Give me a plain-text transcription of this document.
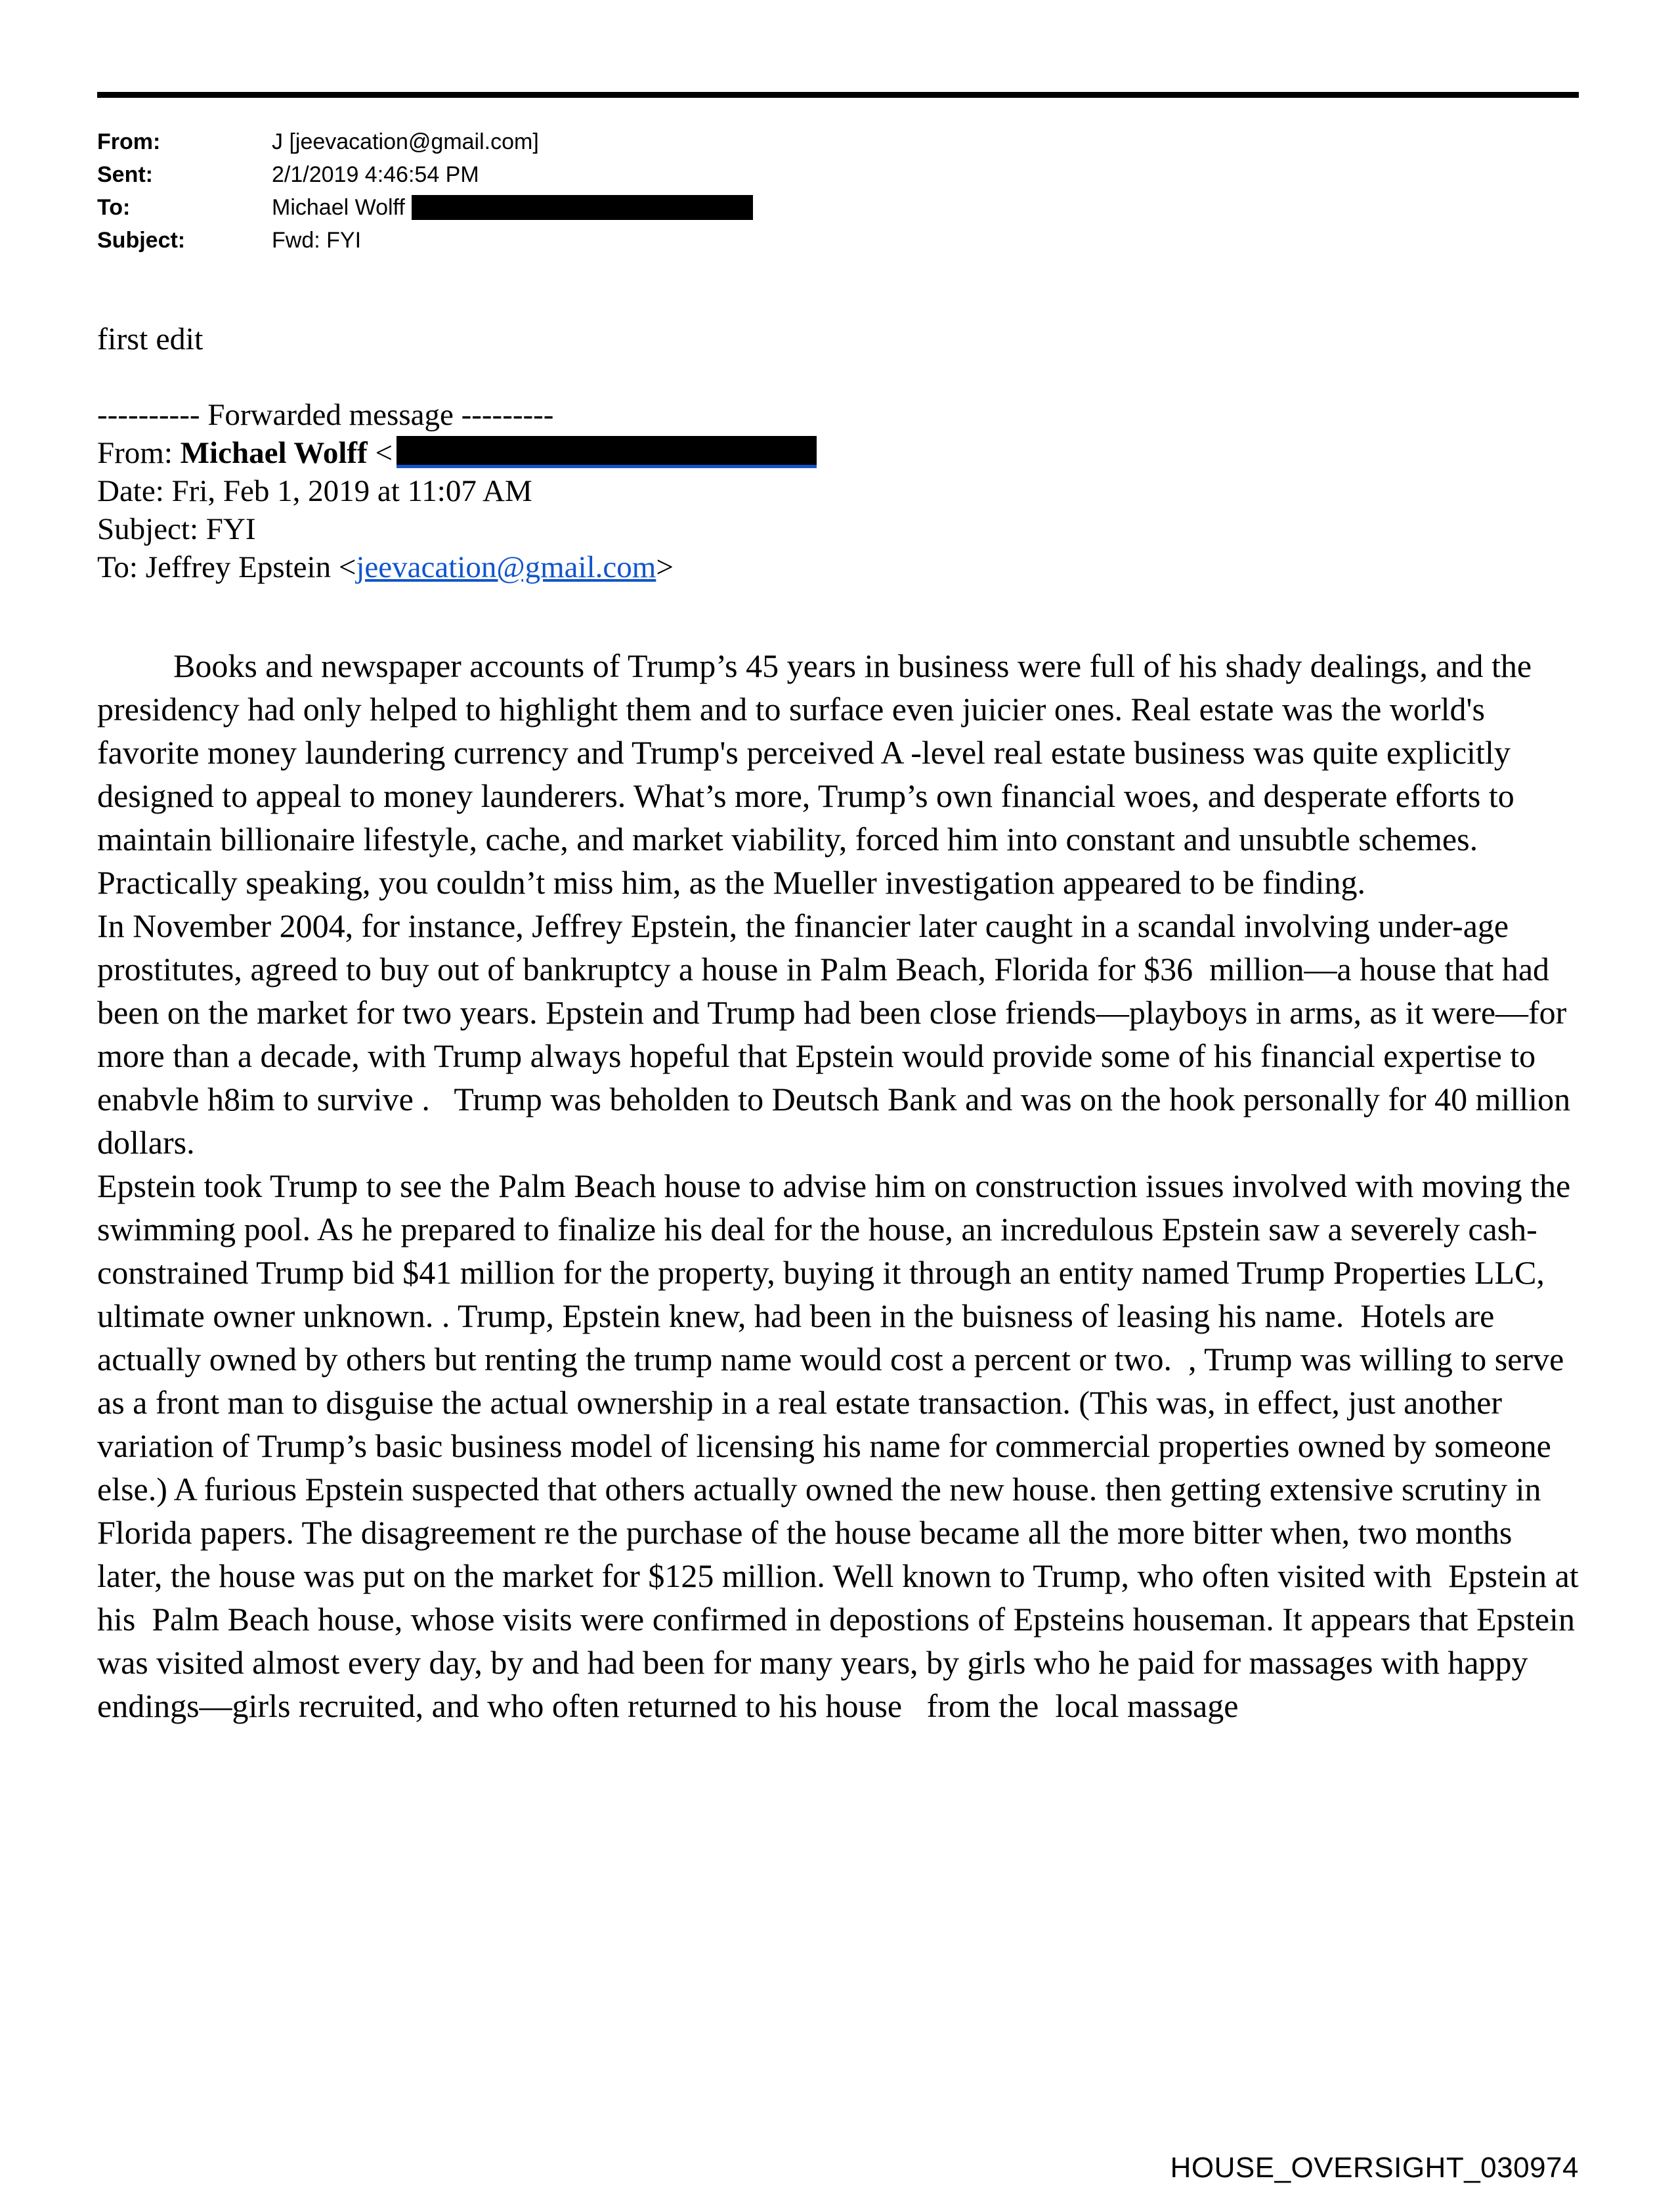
From:	J [jeevacation@gmail.com]
Sent:	2/1/2019 4:46:54 PM
To:	Michael Wolff
Subject:	Fwd: FYI
first edit
---------- Forwarded message ---------
From: Michael Wolff <
Date: Fri, Feb 1, 2019 at 11:07 AM
Subject: FYI
To: Jeffrey Epstein <jeevacation@gmail.com>

Books and newspaper accounts of Trump’s 45 years in business were full of his shady dealings, and the presidency had only helped to highlight them and to surface even juicier ones. Real estate was the world's favorite money laundering currency and Trump's perceived A -level real estate business was quite explicitly designed to appeal to money launderers. What’s more, Trump’s own financial woes, and desperate efforts to maintain billionaire lifestyle, cache, and market viability, forced him into constant and unsubtle schemes.  Practically speaking, you couldn’t miss him, as the Mueller investigation appeared to be finding.

In November 2004, for instance, Jeffrey Epstein, the financier later caught in a scandal involving under-age prostitutes, agreed to buy out of bankruptcy a house in Palm Beach, Florida for $36  million—a house that had been on the market for two years. Epstein and Trump had been close friends—playboys in arms, as it were—for more than a decade, with Trump always hopeful that Epstein would provide some of his financial expertise to enabvle h8im to survive .   Trump was beholden to Deutsch Bank and was on the hook personally for 40 million dollars.

Epstein took Trump to see the Palm Beach house to advise him on construction issues involved with moving the  swimming pool. As he prepared to finalize his deal for the house, an incredulous Epstein saw a severely cash-constrained Trump bid $41 million for the property, buying it through an entity named Trump Properties LLC, ultimate owner unknown. . Trump, Epstein knew, had been in the buisness of leasing his name.  Hotels are actually owned by others but renting the trump name would cost a percent or two.  , Trump was willing to serve as a front man to disguise the actual ownership in a real estate transaction. (This was, in effect, just another variation of Trump’s basic business model of licensing his name for commercial properties owned by someone else.) A furious Epstein suspected that others actually owned the new house. then getting extensive scrutiny in Florida papers. The disagreement re the purchase of the house became all the more bitter when, two months later, the house was put on the market for $125 million. Well known to Trump, who often visited with  Epstein at his  Palm Beach house, whose visits were confirmed in depostions of Epsteins houseman. It appears that Epstein was visited almost every day, by and had been for many years, by girls who he paid for massages with happy endings—girls recruited, and who often returned to his house   from the  local massage

HOUSE_OVERSIGHT_030974
